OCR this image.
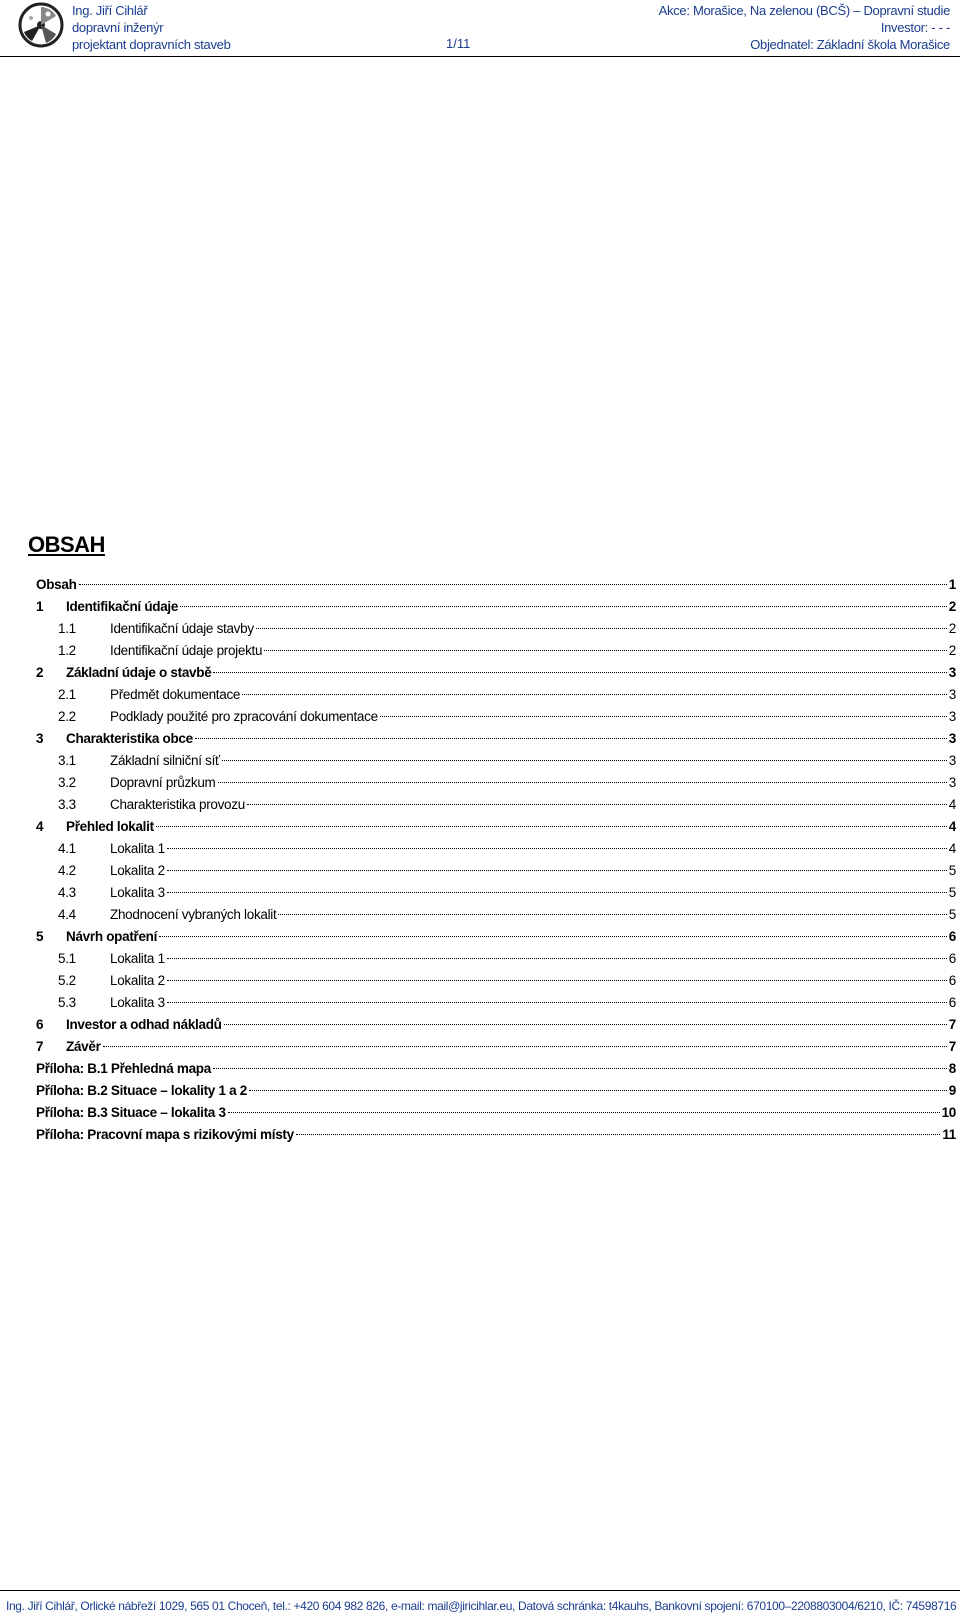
Ing. Jiří Cihlář
dopravní inženýr
projektant dopravních staveb	1/11
Akce: Morašice, Na zelenou (BCŠ) – Dopravní studie
Investor: - - -
Objednatel: Základní škola Morašice
OBSAH
Obsah	1
1	Identifikační údaje	2
1.1	Identifikační údaje stavby	2
1.2	Identifikační údaje projektu	2
2	Základní údaje o stavbě	3
2.1	Předmět dokumentace	3
2.2	Podklady použité pro zpracování dokumentace	3
3	Charakteristika obce	3
3.1	Základní silniční síť	3
3.2	Dopravní průzkum	3
3.3	Charakteristika provozu	4
4	Přehled lokalit	4
4.1	Lokalita 1	4
4.2	Lokalita 2	5
4.3	Lokalita 3	5
4.4	Zhodnocení vybraných lokalit	5
5	Návrh opatření	6
5.1	Lokalita 1	6
5.2	Lokalita 2	6
5.3	Lokalita 3	6
6	Investor a odhad nákladů	7
7	Závěr	7
Příloha: B.1 Přehledná mapa	8
Příloha: B.2 Situace – lokality 1 a 2	9
Příloha: B.3 Situace – lokalita 3	10
Příloha: Pracovní mapa s rizikovými místy	11
Ing. Jiří Cihlář, Orlické nábřeží 1029, 565 01 Choceň, tel.: +420 604 982 826, e-mail: mail@jiricihlar.eu, Datová schránka: t4kauhs, Bankovní spojení: 670100–2208803004/6210, IČ: 74598716
